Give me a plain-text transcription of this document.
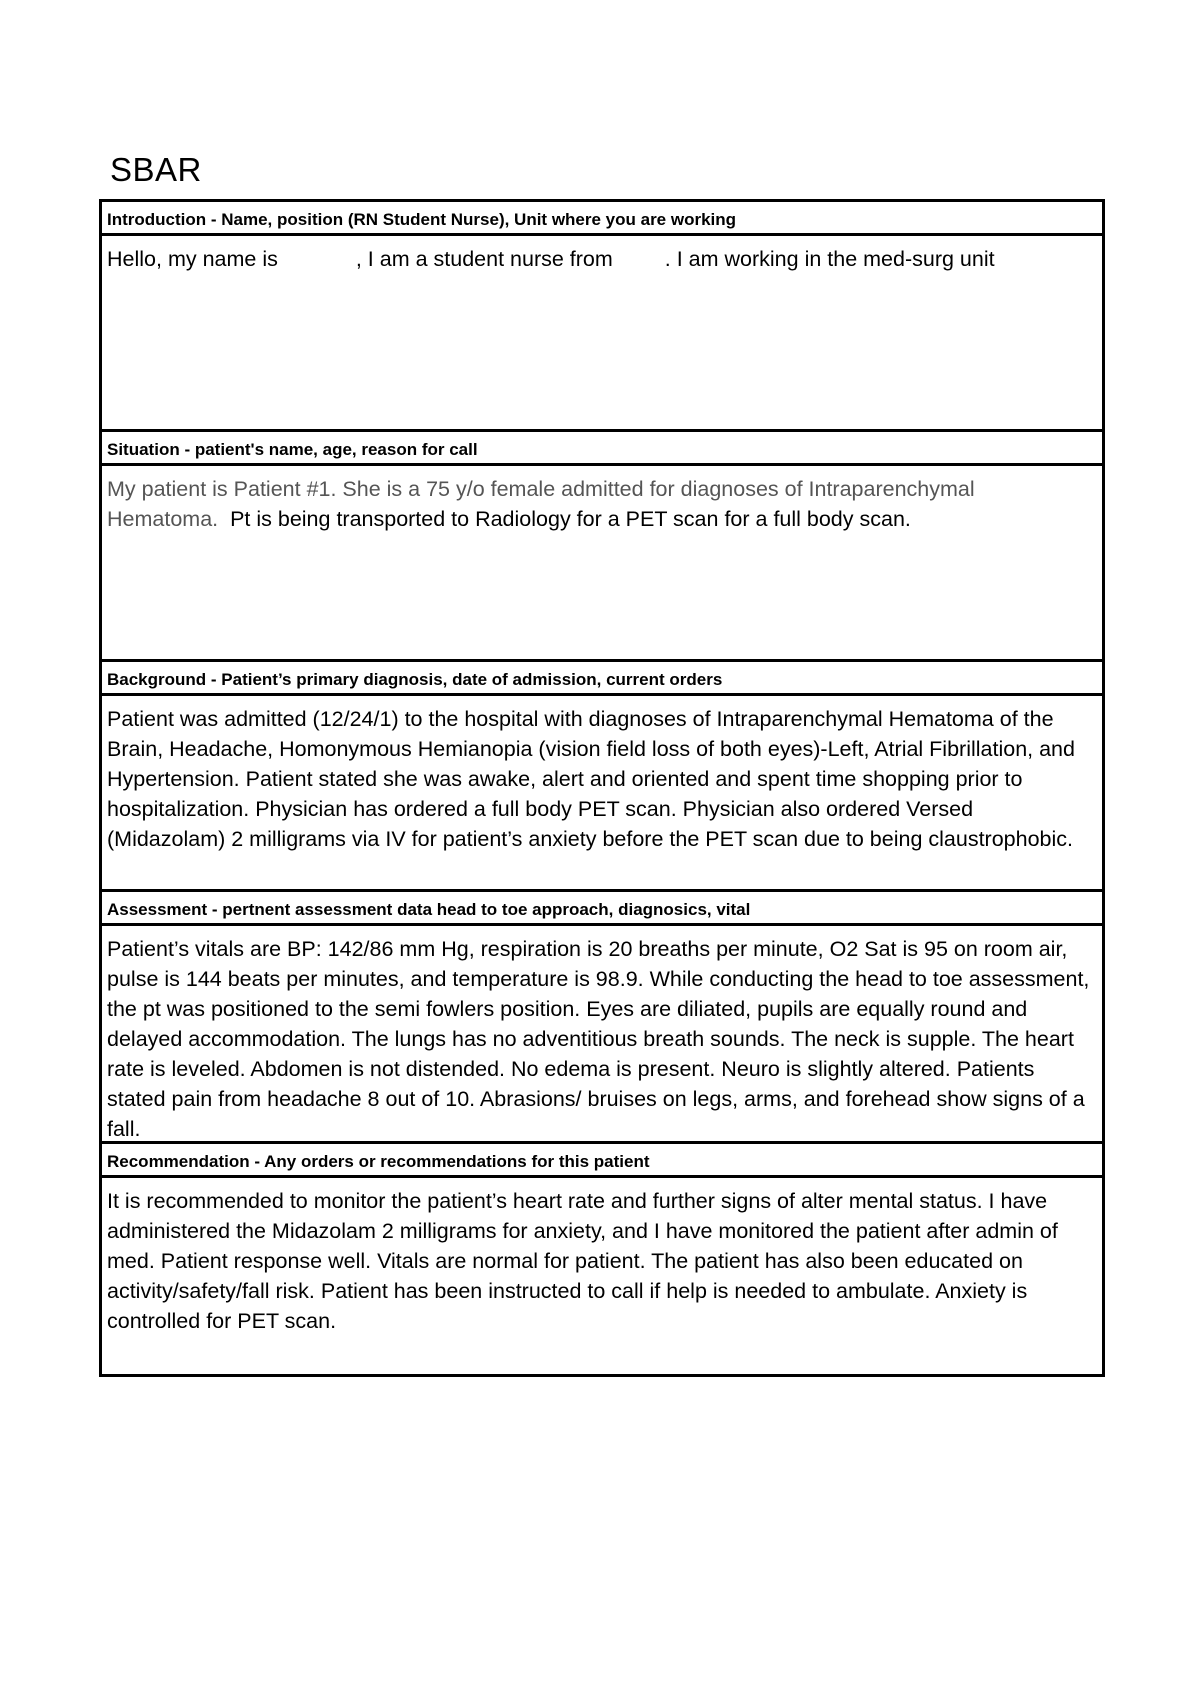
SBAR
Introduction - Name, position (RN Student Nurse), Unit where you are working
Hello, my name is	, I am a student nurse from . I am working in the med-surg unit
Situation - patient's name, age, reason for call
My patient is Patient #1. She is a 75 y/o female admitted for diagnoses of Intraparenchymal
Hematoma.  Pt is being transported to Radiology for a PET scan for a full body scan.
Background - Patient’s primary diagnosis, date of admission, current orders
Patient was admitted (12/24/1) to the hospital with diagnoses of Intraparenchymal Hematoma of the Brain, Headache, Homonymous Hemianopia (vision field loss of both eyes)-Left, Atrial Fibrillation, and Hypertension. Patient stated she was awake, alert and oriented and spent time shopping prior to hospitalization. Physician has ordered a full body PET scan. Physician also ordered Versed (Midazolam) 2 milligrams via IV for patient’s anxiety before the PET scan due to being claustrophobic.
Assessment - pertnent assessment data head to toe approach, diagnosics, vital
Patient’s vitals are BP: 142/86 mm Hg, respiration is 20 breaths per minute, O2 Sat is 95 on room air, pulse is 144 beats per minutes, and temperature is 98.9. While conducting the head to toe assessment, the pt was positioned to the semi fowlers position. Eyes are diliated, pupils are equally round and delayed accommodation. The lungs has no adventitious breath sounds. The neck is supple. The heart rate is leveled. Abdomen is not distended. No edema is present. Neuro is slightly altered. Patients stated pain from headache 8 out of 10. Abrasions/ bruises on legs, arms, and forehead show signs of a fall.
Recommendation - Any orders or recommendations for this patient
It is recommended to monitor the patient’s heart rate and further signs of alter mental status. I have administered the Midazolam 2 milligrams for anxiety, and I have monitored the patient after admin of med. Patient response well. Vitals are normal for patient. The patient has also been educated on activity/safety/fall risk. Patient has been instructed to call if help is needed to ambulate. Anxiety is controlled for PET scan.
